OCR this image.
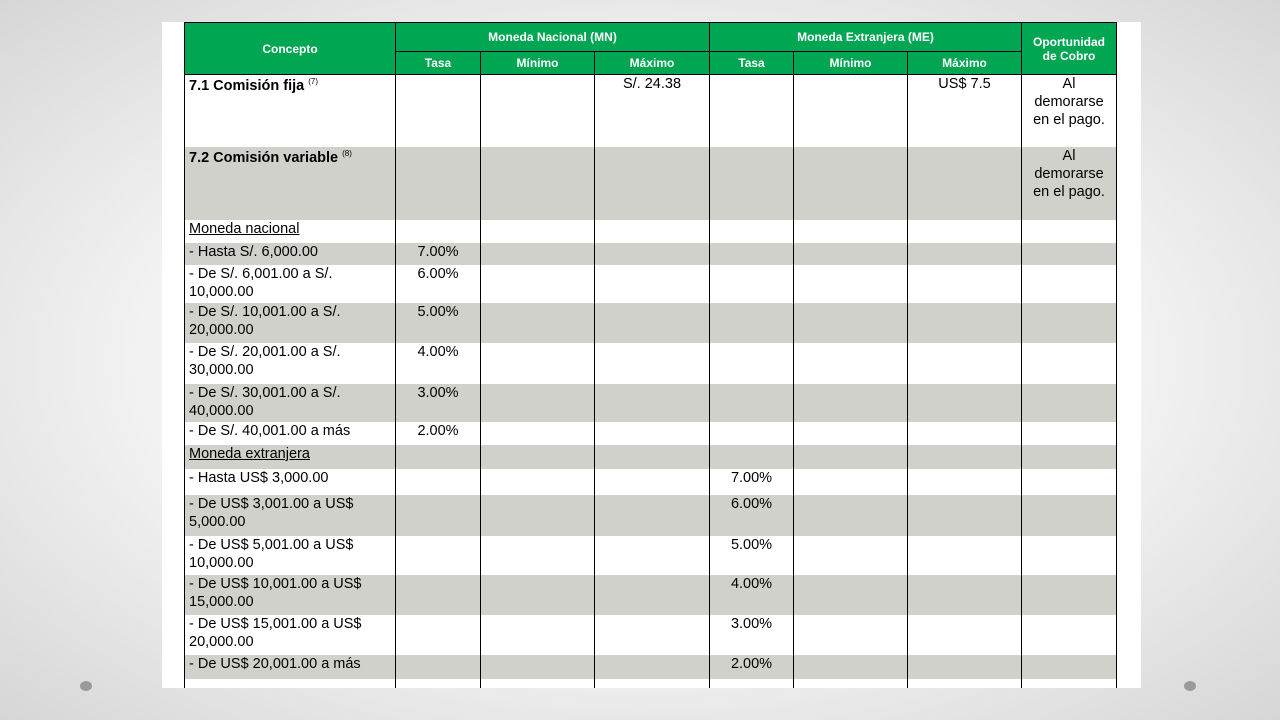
Concepto	Moneda Nacional (MN)			Moneda Extranjera (ME)			Oportunidad de Cobro
	Tasa	Mínimo	Máximo	Tasa	Mínimo	Máximo	
7.1 Comisión fija $^{(7)}$			S/. 24.38			US$ 7.5	Al demorarse en el pago.
7.2 Comisión variable $^{(8)}$							Al demorarse en el pago.
Moneda nacional							
- Hasta S/. 6,000.00	7.00%						
- De S/. 6,001.00 a S/. 10,000.00	6.00%						
- De S/. 10,001.00 a S/. 20,000.00	5.00%						
- De S/. 20,001.00 a S/. 30,000.00	4.00%						
- De S/. 30,001.00 a S/. 40,000.00	3.00%						
- De S/. 40,001.00 a más	2.00%						
Moneda extranjera							
- Hasta US$ 3,000.00				7.00%			
- De US$ 3,001.00 a US$ 5,000.00				6.00%			
- De US$ 5,001.00 a US$ 10,000.00				5.00%			
- De US$ 10,001.00 a US$ 15,000.00				4.00%			
- De US$ 15,001.00 a US$ 20,000.00				3.00%			
- De US$ 20,001.00 a más				2.00%			
